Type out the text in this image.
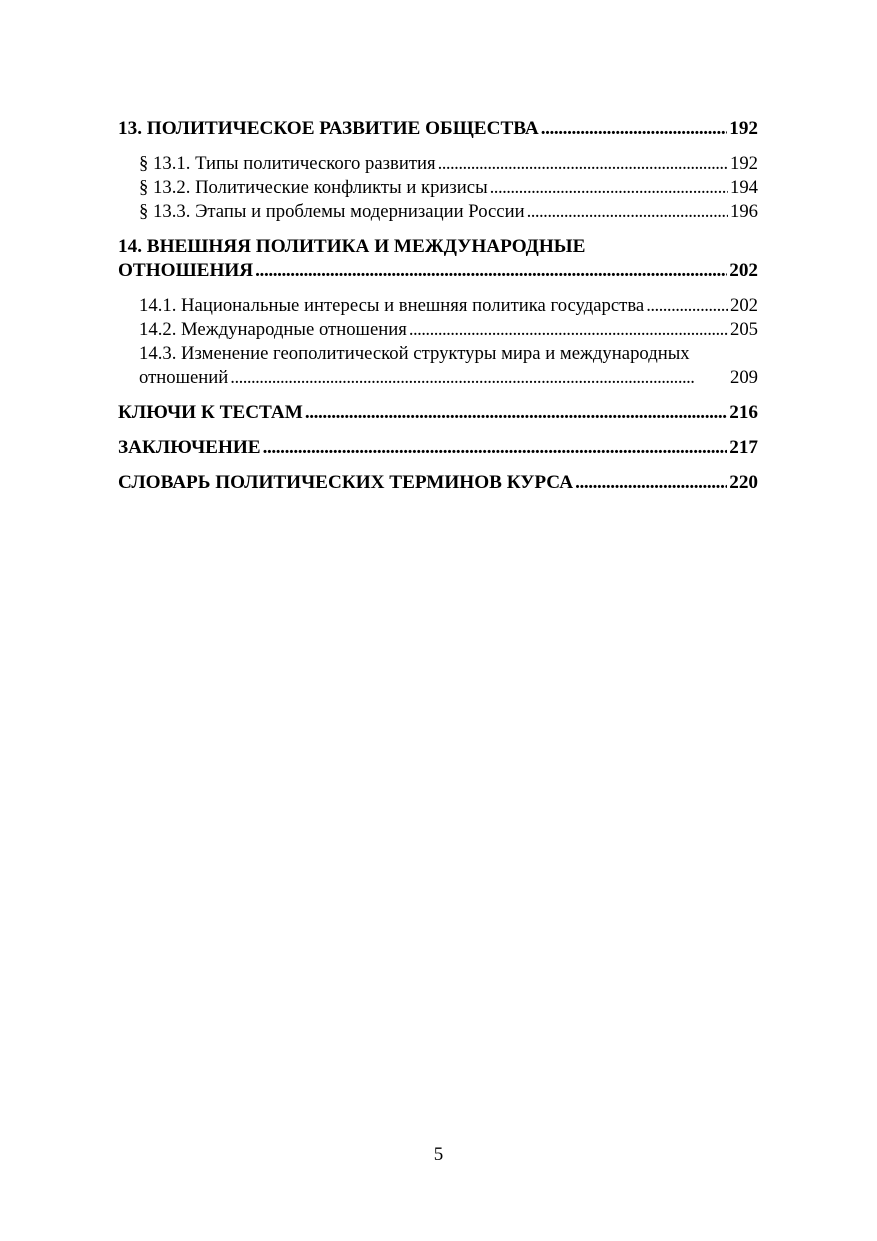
13. ПОЛИТИЧЕСКОЕ РАЗВИТИЕ ОБЩЕСТВА . . .	192
§ 13.1. Типы политического развития . . .	192
§ 13.2. Политические конфликты и кризисы . . .	194
§ 13.3. Этапы и проблемы модернизации России . . .	196
14. ВНЕШНЯЯ ПОЛИТИКА И МЕЖДУНАРОДНЫЕ
ОТНОШЕНИЯ . . .	202
14.1. Национальные интересы и внешняя политика государства . . .	202
14.2. Международные отношения . . .	205
14.3. Изменение геополитической структуры мира и международных
отношений . . .	209
КЛЮЧИ К ТЕСТАМ . . .	216
ЗАКЛЮЧЕНИЕ . . .	217
СЛОВАРЬ ПОЛИТИЧЕСКИХ ТЕРМИНОВ КУРСА . . .	220
5
